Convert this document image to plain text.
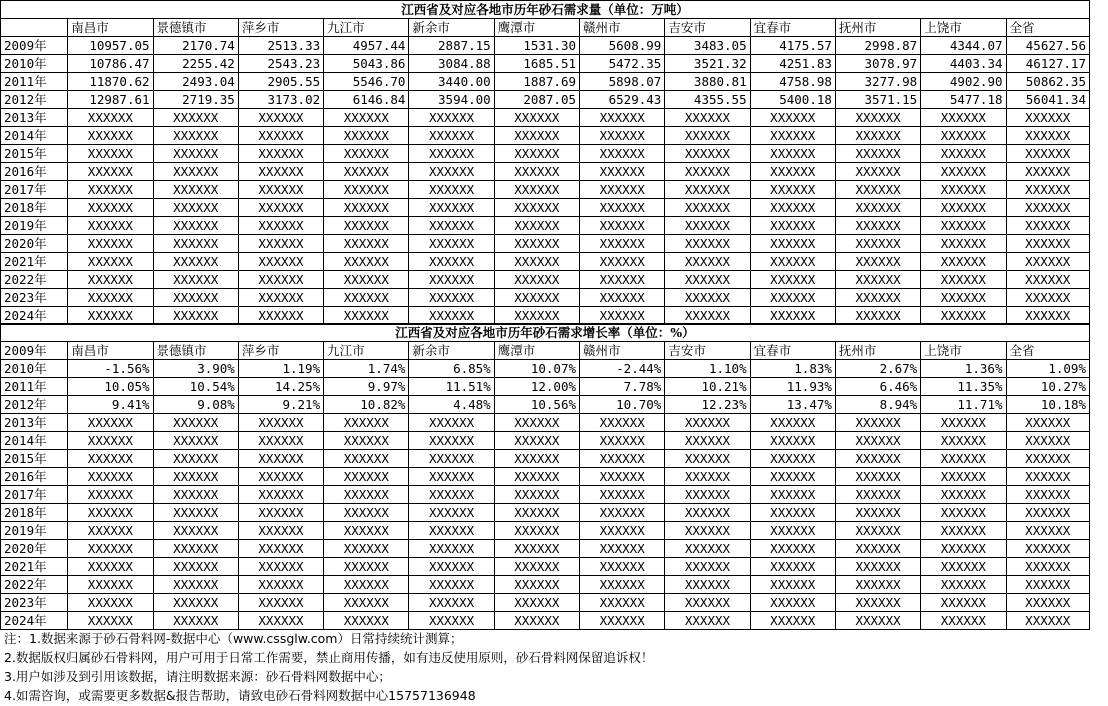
江西省及对应各地市历年砂石需求量（单位：万吨）												
	南昌市	景德镇市	萍乡市	九江市	新余市	鹰潭市	赣州市	吉安市	宜春市	抚州市	上饶市	全省
2009年	10957.05	2170.74	2513.33	4957.44	2887.15	1531.30	5608.99	3483.05	4175.57	2998.87	4344.07	45627.56
2010年	10786.47	2255.42	2543.23	5043.86	3084.88	1685.51	5472.35	3521.32	4251.83	3078.97	4403.34	46127.17
2011年	11870.62	2493.04	2905.55	5546.70	3440.00	1887.69	5898.07	3880.81	4758.98	3277.98	4902.90	50862.35
2012年	12987.61	2719.35	3173.02	6146.84	3594.00	2087.05	6529.43	4355.55	5400.18	3571.15	5477.18	56041.34
2013年	XXXXXX	XXXXXX	XXXXXX	XXXXXX	XXXXXX	XXXXXX	XXXXXX	XXXXXX	XXXXXX	XXXXXX	XXXXXX	XXXXXX
2014年	XXXXXX	XXXXXX	XXXXXX	XXXXXX	XXXXXX	XXXXXX	XXXXXX	XXXXXX	XXXXXX	XXXXXX	XXXXXX	XXXXXX
2015年	XXXXXX	XXXXXX	XXXXXX	XXXXXX	XXXXXX	XXXXXX	XXXXXX	XXXXXX	XXXXXX	XXXXXX	XXXXXX	XXXXXX
2016年	XXXXXX	XXXXXX	XXXXXX	XXXXXX	XXXXXX	XXXXXX	XXXXXX	XXXXXX	XXXXXX	XXXXXX	XXXXXX	XXXXXX
2017年	XXXXXX	XXXXXX	XXXXXX	XXXXXX	XXXXXX	XXXXXX	XXXXXX	XXXXXX	XXXXXX	XXXXXX	XXXXXX	XXXXXX
2018年	XXXXXX	XXXXXX	XXXXXX	XXXXXX	XXXXXX	XXXXXX	XXXXXX	XXXXXX	XXXXXX	XXXXXX	XXXXXX	XXXXXX
2019年	XXXXXX	XXXXXX	XXXXXX	XXXXXX	XXXXXX	XXXXXX	XXXXXX	XXXXXX	XXXXXX	XXXXXX	XXXXXX	XXXXXX
2020年	XXXXXX	XXXXXX	XXXXXX	XXXXXX	XXXXXX	XXXXXX	XXXXXX	XXXXXX	XXXXXX	XXXXXX	XXXXXX	XXXXXX
2021年	XXXXXX	XXXXXX	XXXXXX	XXXXXX	XXXXXX	XXXXXX	XXXXXX	XXXXXX	XXXXXX	XXXXXX	XXXXXX	XXXXXX
2022年	XXXXXX	XXXXXX	XXXXXX	XXXXXX	XXXXXX	XXXXXX	XXXXXX	XXXXXX	XXXXXX	XXXXXX	XXXXXX	XXXXXX
2023年	XXXXXX	XXXXXX	XXXXXX	XXXXXX	XXXXXX	XXXXXX	XXXXXX	XXXXXX	XXXXXX	XXXXXX	XXXXXX	XXXXXX
2024年	XXXXXX	XXXXXX	XXXXXX	XXXXXX	XXXXXX	XXXXXX	XXXXXX	XXXXXX	XXXXXX	XXXXXX	XXXXXX	XXXXXX
江西省及对应各地市历年砂石需求增长率（单位：%）												
2009年	南昌市	景德镇市	萍乡市	九江市	新余市	鹰潭市	赣州市	吉安市	宜春市	抚州市	上饶市	全省
2010年	-1.56%	3.90%	1.19%	1.74%	6.85%	10.07%	-2.44%	1.10%	1.83%	2.67%	1.36%	1.09%
2011年	10.05%	10.54%	14.25%	9.97%	11.51%	12.00%	7.78%	10.21%	11.93%	6.46%	11.35%	10.27%
2012年	9.41%	9.08%	9.21%	10.82%	4.48%	10.56%	10.70%	12.23%	13.47%	8.94%	11.71%	10.18%
2013年	XXXXXX	XXXXXX	XXXXXX	XXXXXX	XXXXXX	XXXXXX	XXXXXX	XXXXXX	XXXXXX	XXXXXX	XXXXXX	XXXXXX
2014年	XXXXXX	XXXXXX	XXXXXX	XXXXXX	XXXXXX	XXXXXX	XXXXXX	XXXXXX	XXXXXX	XXXXXX	XXXXXX	XXXXXX
2015年	XXXXXX	XXXXXX	XXXXXX	XXXXXX	XXXXXX	XXXXXX	XXXXXX	XXXXXX	XXXXXX	XXXXXX	XXXXXX	XXXXXX
2016年	XXXXXX	XXXXXX	XXXXXX	XXXXXX	XXXXXX	XXXXXX	XXXXXX	XXXXXX	XXXXXX	XXXXXX	XXXXXX	XXXXXX
2017年	XXXXXX	XXXXXX	XXXXXX	XXXXXX	XXXXXX	XXXXXX	XXXXXX	XXXXXX	XXXXXX	XXXXXX	XXXXXX	XXXXXX
2018年	XXXXXX	XXXXXX	XXXXXX	XXXXXX	XXXXXX	XXXXXX	XXXXXX	XXXXXX	XXXXXX	XXXXXX	XXXXXX	XXXXXX
2019年	XXXXXX	XXXXXX	XXXXXX	XXXXXX	XXXXXX	XXXXXX	XXXXXX	XXXXXX	XXXXXX	XXXXXX	XXXXXX	XXXXXX
2020年	XXXXXX	XXXXXX	XXXXXX	XXXXXX	XXXXXX	XXXXXX	XXXXXX	XXXXXX	XXXXXX	XXXXXX	XXXXXX	XXXXXX
2021年	XXXXXX	XXXXXX	XXXXXX	XXXXXX	XXXXXX	XXXXXX	XXXXXX	XXXXXX	XXXXXX	XXXXXX	XXXXXX	XXXXXX
2022年	XXXXXX	XXXXXX	XXXXXX	XXXXXX	XXXXXX	XXXXXX	XXXXXX	XXXXXX	XXXXXX	XXXXXX	XXXXXX	XXXXXX
2023年	XXXXXX	XXXXXX	XXXXXX	XXXXXX	XXXXXX	XXXXXX	XXXXXX	XXXXXX	XXXXXX	XXXXXX	XXXXXX	XXXXXX
2024年	XXXXXX	XXXXXX	XXXXXX	XXXXXX	XXXXXX	XXXXXX	XXXXXX	XXXXXX	XXXXXX	XXXXXX	XXXXXX	XXXXXX
注：1.数据来源于砂石骨料网-数据中心（www.cssglw.com）日常持续统计测算；
2.数据版权归属砂石骨料网，用户可用于日常工作需要，禁止商用传播，如有违反使用原则，砂石骨料网保留追诉权！
3.用户如涉及到引用该数据，请注明数据来源：砂石骨料网数据中心；
4.如需咨询，或需要更多数据&报告帮助，请致电砂石骨料网数据中心15757136948
